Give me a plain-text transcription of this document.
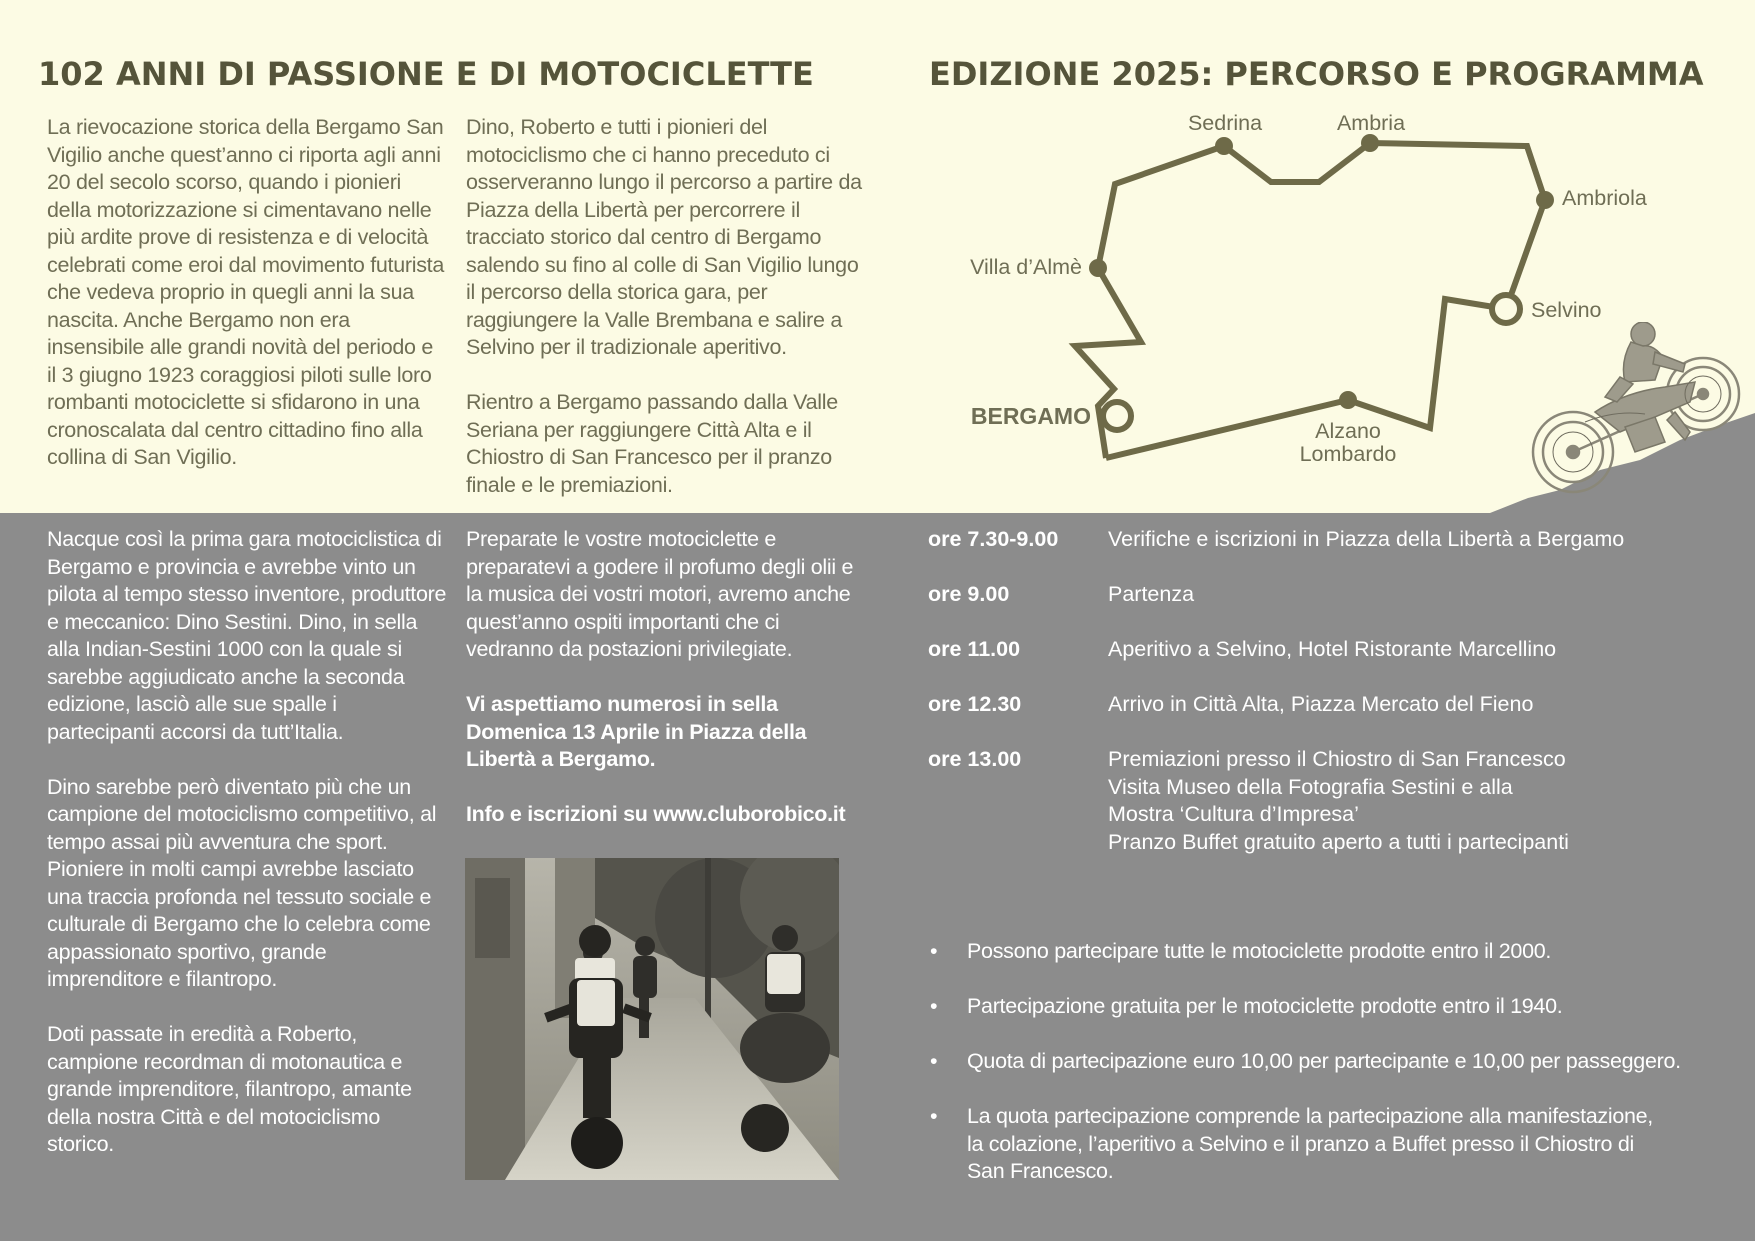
102 ANNI DI PASSIONE E DI MOTOCICLETTE

La rievocazione storica della Bergamo San Vigilio anche quest’anno ci riporta agli anni 20 del secolo scorso, quando i pionieri della motorizzazione si cimentavano nelle più ardite prove di resistenza e di velocità celebrati come eroi dal movimento futurista che vedeva proprio in quegli anni la sua nascita. Anche Bergamo non era insensibile alle grandi novità del periodo e il 3 giugno 1923 coraggiosi piloti sulle loro rombanti motociclette si sfidarono in una cronoscalata dal centro cittadino fino alla collina di San Vigilio.

Dino, Roberto e tutti i pionieri del motociclismo che ci hanno preceduto ci osserveranno lungo il percorso a partire da Piazza della Libertà per percorrere il tracciato storico dal centro di Bergamo salendo su fino al colle di San Vigilio lungo il percorso della storica gara, per raggiungere la Valle Brembana e salire a Selvino per il tradizionale aperitivo.

Rientro a Bergamo passando dalla Valle Seriana per raggiungere Città Alta e il Chiostro di San Francesco per il pranzo finale e le premiazioni.

Nacque così la prima gara motociclistica di Bergamo e provincia e avrebbe vinto un pilota al tempo stesso inventore, produttore e meccanico: Dino Sestini. Dino, in sella alla Indian-Sestini 1000 con la quale si sarebbe aggiudicato anche la seconda edizione, lasciò alle sue spalle i partecipanti accorsi da tutt’Italia.

Dino sarebbe però diventato più che un campione del motociclismo competitivo, al tempo assai più avventura che sport. Pioniere in molti campi avrebbe lasciato una traccia profonda nel tessuto sociale e culturale di Bergamo che lo celebra come appassionato sportivo, grande imprenditore e filantropo.

Doti passate in eredità a Roberto, campione recordman di motonautica e grande imprenditore, filantropo, amante della nostra Città e del motociclismo storico.

Preparate le vostre motociclette e preparatevi a godere il profumo degli olii e la musica dei vostri motori, avremo anche quest’anno ospiti importanti che ci vedranno da postazioni privilegiate.

Vi aspettiamo numerosi in sella Domenica 13 Aprile in Piazza della Libertà a Bergamo.

Info e iscrizioni su www.cluborobico.it

EDIZIONE 2025: PERCORSO E PROGRAMMA
Sedrina	Ambria
Ambriola
Villa d’Almè
Selvino
BERGAMO
Alzano
Lombardo
ore 7.30-9.00 Verifiche e iscrizioni in Piazza della Libertà a Bergamo
ore 9.00	Partenza
ore 11.00	Aperitivo a Selvino, Hotel Ristorante Marcellino
ore 12.30	Arrivo in Città Alta, Piazza Mercato del Fieno
ore 13.00	Premiazioni presso il Chiostro di San Francesco
Visita Museo della Fotografia Sestini e alla
Mostra ‘Cultura d’Impresa’
Pranzo Buffet gratuito aperto a tutti i partecipanti
• Possono partecipare tutte le motociclette prodotte entro il 2000.
• Partecipazione gratuita per le motociclette prodotte entro il 1940.
• Quota di partecipazione euro 10,00 per partecipante e 10,00 per passeggero.
• La quota partecipazione comprende la partecipazione alla manifestazione, la colazione, l’aperitivo a Selvino e il pranzo a Buffet presso il Chiostro di San Francesco.
